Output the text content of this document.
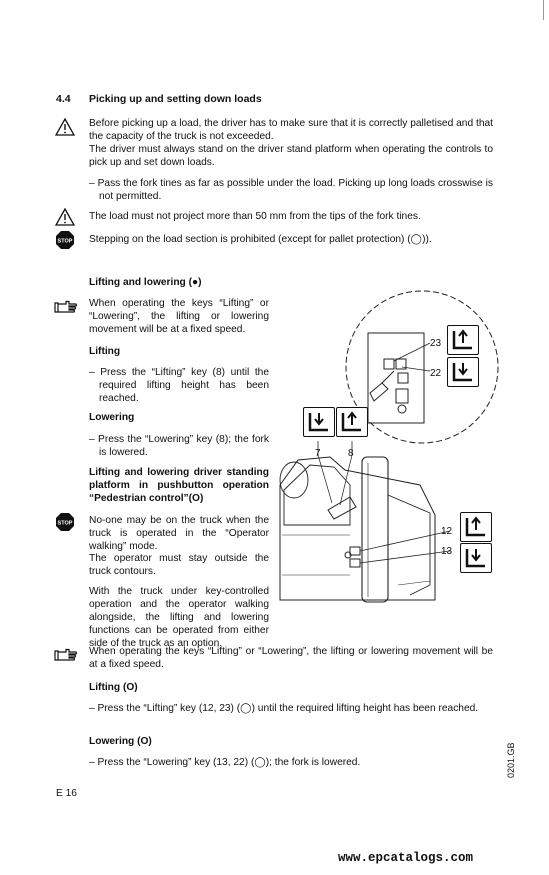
4.4 Picking up and setting down loads
Before picking up a load, the driver has to make sure that it is correctly palletised and that the capacity of the truck is not exceeded.
The driver must always stand on the driver stand platform when operating the controls to pick up and set down loads.
– Pass the fork tines as far as possible under the load. Picking up long loads crosswise is not permitted.
The load must not project more than 50 mm from the tips of the fork tines.
STOP Stepping on the load section is prohibited (except for pallet protection) (◯)).
Lifting and lowering (●)
When operating the keys “Lifting” or “Lowering”, the lifting or lowering movement will be at a fixed speed.
Lifting
– Press the “Lifting” key (8) until the required lifting height has been reached.
Lowering
– Press the “Lowering” key (8); the fork is lowered.
Lifting and lowering driver standing platform in pushbutton operation “Pedestrian control”(O)
STOP No-one may be on the truck when the truck is operated in the “Operator walking” mode.
The operator must stay outside the truck contours.
With the truck under key-controlled operation and the operator walking alongside, the lifting and lowering functions can be operated from either side of the truck as an option.
When operating the keys “Lifting” or “Lowering”, the lifting or lowering movement will be at a fixed speed.
Lifting (O)
– Press the “Lifting” key (12, 23) (◯) until the required lifting height has been reached.
Lowering (O)
– Press the “Lowering” key (13, 22) (◯); the fork is lowered.
7	8
23
22
12
13
0201.GB
E 16
www.epcatalogs.com
